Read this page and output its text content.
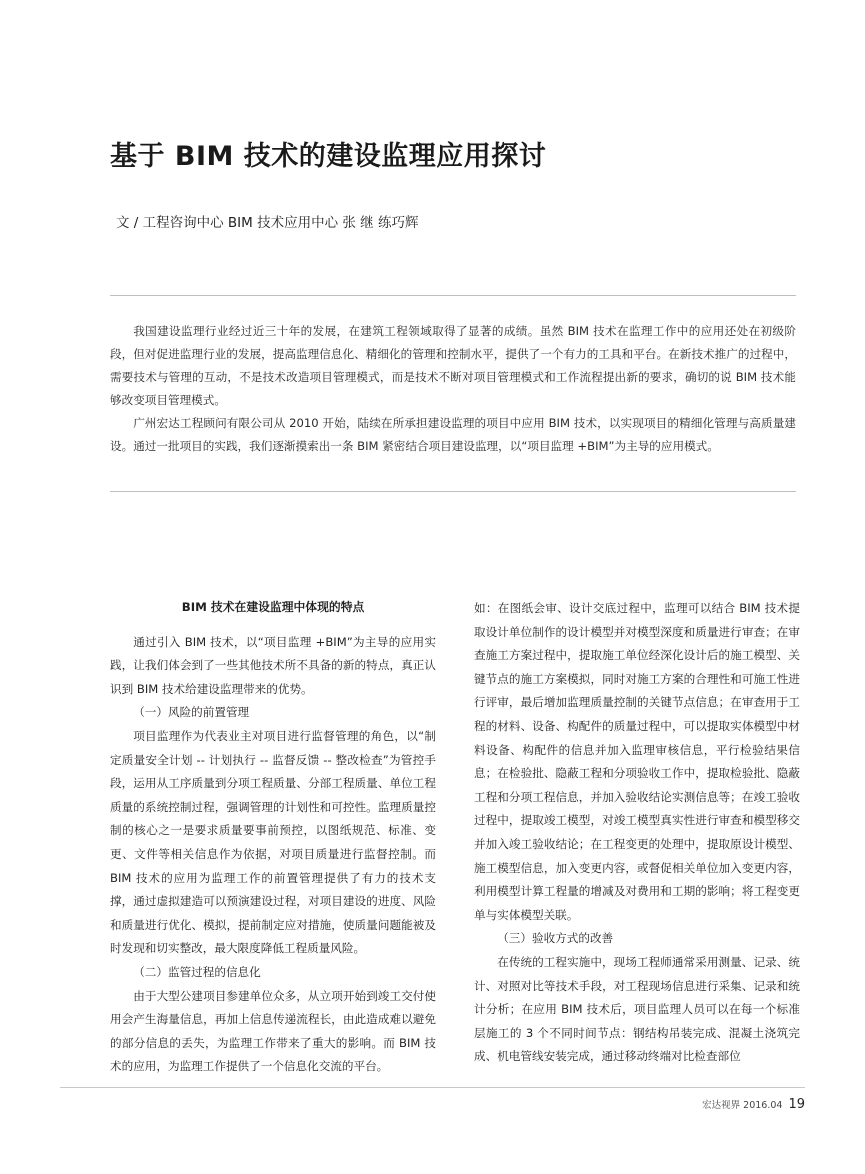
基于 BIM 技术的建设监理应用探讨
文 / 工程咨询中心 BIM 技术应用中心 张 继 练巧辉

我国建设监理行业经过近三十年的发展，在建筑工程领域取得了显著的成绩。虽然 BIM 技术在监理工作中的应用还处在初级阶段，但对促进监理行业的发展，提高监理信息化、精细化的管理和控制水平，提供了一个有力的工具和平台。在新技术推广的过程中，需要技术与管理的互动，不是技术改造项目管理模式，而是技术不断对项目管理模式和工作流程提出新的要求，确切的说 BIM 技术能够改变项目管理模式。

广州宏达工程顾问有限公司从 2010 开始，陆续在所承担建设监理的项目中应用 BIM 技术，以实现项目的精细化管理与高质量建设。通过一批项目的实践，我们逐渐摸索出一条 BIM 紧密结合项目建设监理，以“项目监理 +BIM”为主导的应用模式。

BIM 技术在建设监理中体现的特点

通过引入 BIM 技术，以“项目监理 +BIM”为主导的应用实践，让我们体会到了一些其他技术所不具备的新的特点，真正认识到 BIM 技术给建设监理带来的优势。

（一）风险的前置管理

项目监理作为代表业主对项目进行监督管理的角色，以“制定质量安全计划 -- 计划执行 -- 监督反馈 -- 整改检查”为管控手段，运用从工序质量到分项工程质量、分部工程质量、单位工程质量的系统控制过程，强调管理的计划性和可控性。监理质量控制的核心之一是要求质量要事前预控，以图纸规范、标准、变更、文件等相关信息作为依据，对项目质量进行监督控制。而 BIM 技术的应用为监理工作的前置管理提供了有力的技术支撑，通过虚拟建造可以预演建设过程，对项目建设的进度、风险和质量进行优化、模拟，提前制定应对措施，使质量问题能被及时发现和切实整改，最大限度降低工程质量风险。

（二）监管过程的信息化

由于大型公建项目参建单位众多，从立项开始到竣工交付使用会产生海量信息，再加上信息传递流程长，由此造成难以避免的部分信息的丢失，为监理工作带来了重大的影响。而 BIM 技术的应用，为监理工作提供了一个信息化交流的平台。

如：在图纸会审、设计交底过程中，监理可以结合 BIM 技术提取设计单位制作的设计模型并对模型深度和质量进行审查；在审查施工方案过程中，提取施工单位经深化设计后的施工模型、关键节点的施工方案模拟，同时对施工方案的合理性和可施工性进行评审，最后增加监理质量控制的关键节点信息；在审查用于工程的材料、设备、构配件的质量过程中，可以提取实体模型中材料设备、构配件的信息并加入监理审核信息，平行检验结果信息；在检验批、隐蔽工程和分项验收工作中，提取检验批、隐蔽工程和分项工程信息，并加入验收结论实测信息等；在竣工验收过程中，提取竣工模型，对竣工模型真实性进行审查和模型移交并加入竣工验收结论；在工程变更的处理中，提取原设计模型、施工模型信息，加入变更内容，或督促相关单位加入变更内容，利用模型计算工程量的增减及对费用和工期的影响；将工程变更单与实体模型关联。

（三）验收方式的改善

在传统的工程实施中，现场工程师通常采用测量、记录、统计、对照对比等技术手段，对工程现场信息进行采集、记录和统计分析；在应用 BIM 技术后，项目监理人员可以在每一个标准层施工的 3 个不同时间节点：钢结构吊装完成、混凝土浇筑完成、机电管线安装完成，通过移动终端对比检查部位

宏达视界 2016.04 19
